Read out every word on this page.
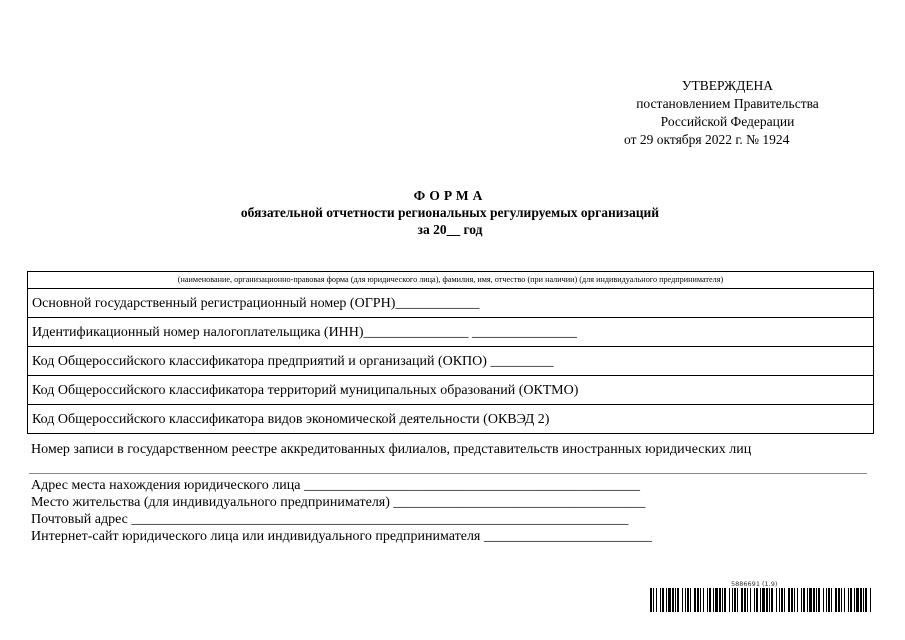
УТВЕРЖДЕНА
постановлением Правительства
Российской Федерации
от 29 октября 2022 г. № 1924
ФОРМА
обязательной отчетности региональных регулируемых организаций
за 20__ год
(наименование, организационно-правовая форма (для юридического лица), фамилия, имя, отчество (при наличии) (для индивидуального предпринимателя)
Основной государственный регистрационный номер (ОГРН)____________
Идентификационный номер налогоплательщика (ИНН)_______________ _______________
Код Общероссийского классификатора предприятий и организаций (ОКПО) _________
Код Общероссийского классификатора территорий муниципальных образований (ОКТМО)
Код Общероссийского классификатора видов экономической деятельности (ОКВЭД 2)
Номер записи в государственном реестре аккредитованных филиалов, представительств иностранных юридических лиц
Адрес места нахождения юридического лица ________________________________________________
Место жительства (для индивидуального предпринимателя) ____________________________________
Почтовый адрес _______________________________________________________________________
Интернет-сайт юридического лица или индивидуального предпринимателя ________________________
5886691 (1.9)
